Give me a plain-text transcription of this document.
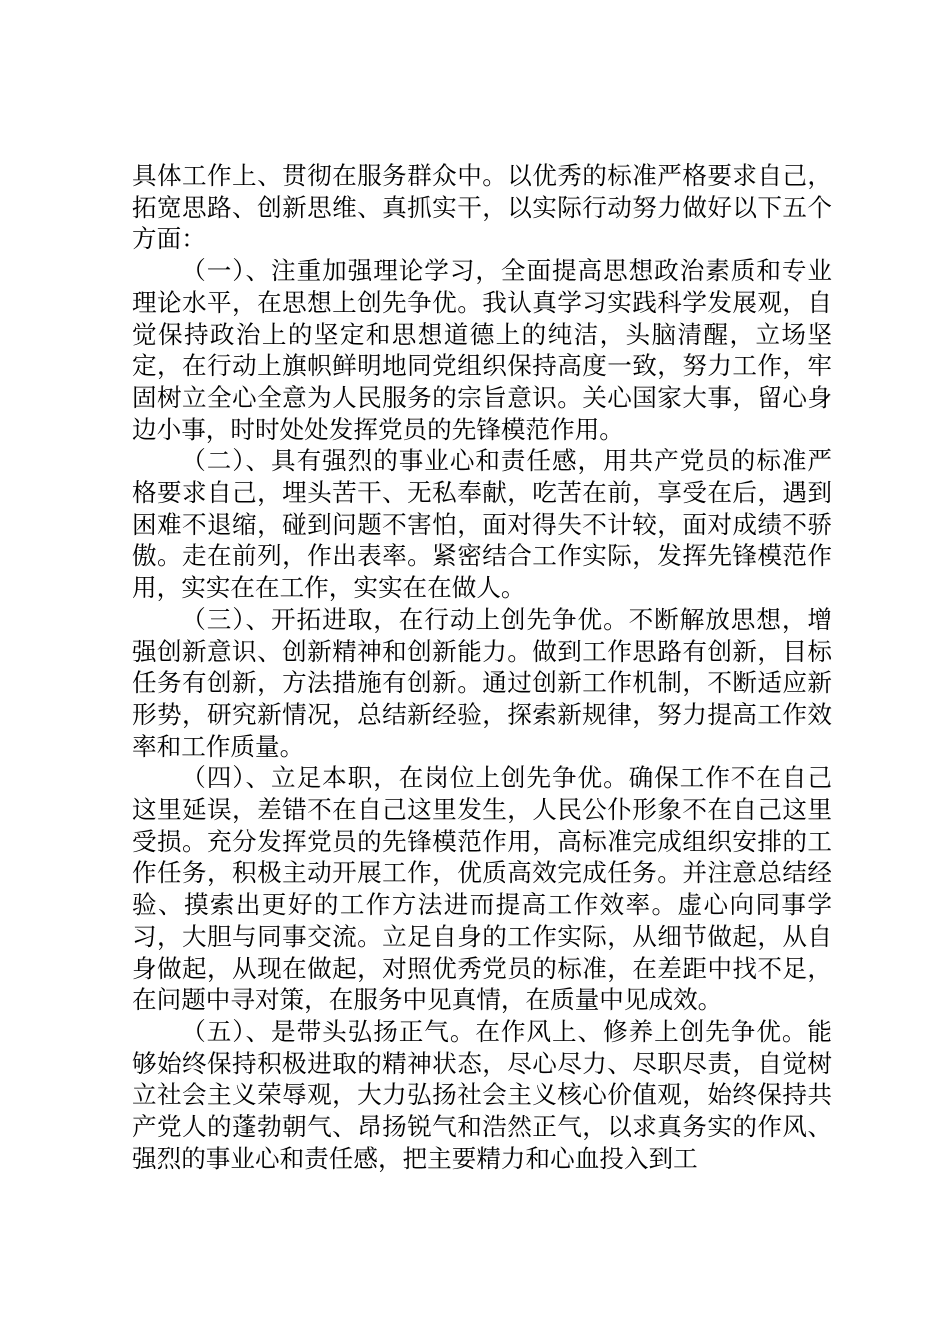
具体工作上、贯彻在服务群众中。以优秀的标准严格要求自己，拓宽思路、创新思维、真抓实干，以实际行动努力做好以下五个方面：

（一）、注重加强理论学习，全面提高思想政治素质和专业理论水平，在思想上创先争优。我认真学习实践科学发展观，自觉保持政治上的坚定和思想道德上的纯洁，头脑清醒，立场坚定，在行动上旗帜鲜明地同党组织保持高度一致，努力工作，牢固树立全心全意为人民服务的宗旨意识。关心国家大事，留心身边小事，时时处处发挥党员的先锋模范作用。

（二）、具有强烈的事业心和责任感，用共产党员的标准严格要求自己，埋头苦干、无私奉献，吃苦在前，享受在后，遇到困难不退缩，碰到问题不害怕，面对得失不计较，面对成绩不骄傲。走在前列，作出表率。紧密结合工作实际，发挥先锋模范作用，实实在在工作，实实在在做人。

（三）、开拓进取，在行动上创先争优。不断解放思想，增强创新意识、创新精神和创新能力。做到工作思路有创新，目标任务有创新，方法措施有创新。通过创新工作机制，不断适应新形势，研究新情况，总结新经验，探索新规律，努力提高工作效率和工作质量。

（四）、立足本职，在岗位上创先争优。确保工作不在自己这里延误，差错不在自己这里发生，人民公仆形象不在自己这里受损。充分发挥党员的先锋模范作用，高标准完成组织安排的工作任务，积极主动开展工作，优质高效完成任务。并注意总结经验、摸索出更好的工作方法进而提高工作效率。虚心向同事学习，大胆与同事交流。立足自身的工作实际，从细节做起，从自身做起，从现在做起，对照优秀党员的标准，在差距中找不足，在问题中寻对策，在服务中见真情，在质量中见成效。

（五）、是带头弘扬正气。在作风上、修养上创先争优。能够始终保持积极进取的精神状态，尽心尽力、尽职尽责，自觉树立社会主义荣辱观，大力弘扬社会主义核心价值观，始终保持共产党人的蓬勃朝气、昂扬锐气和浩然正气，以求真务实的作风、强烈的事业心和责任感，把主要精力和心血投入到工
